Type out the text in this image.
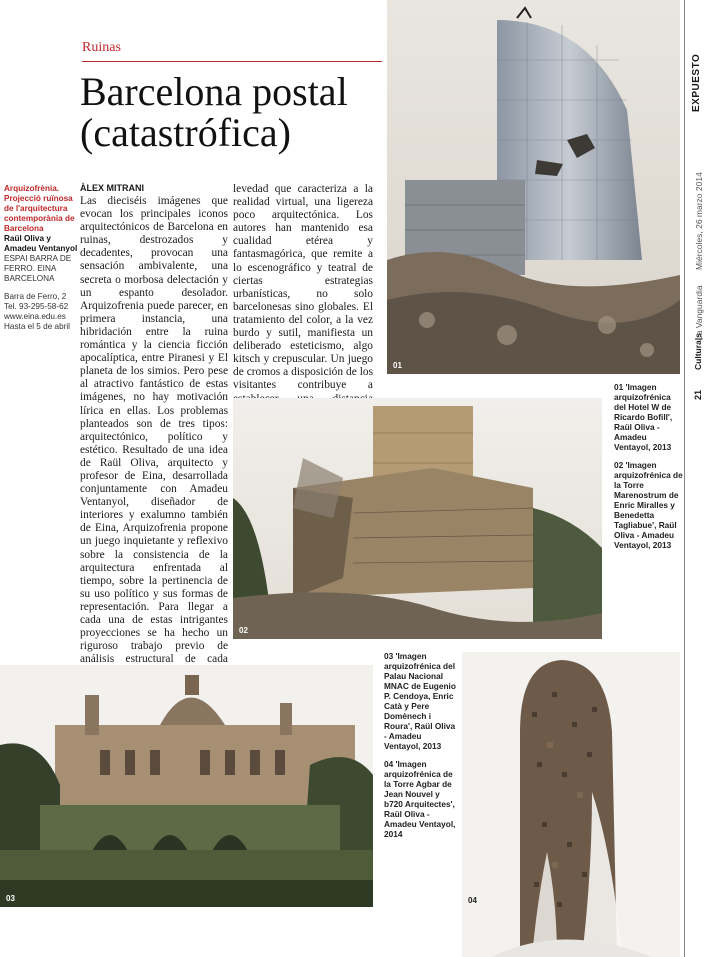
Ruinas
Barcelona postal (catastrófica)
Arquizofrènia. Projecció ruïnosa de l'arquitectura contemporània de Barcelona
Raül Oliva y Amadeu Ventanyol
ESPAI BARRA DE FERRO. EINA BARCELONA
Barra de Ferro, 2
Tel. 93-295-58-62
www.eina.edu.es
Hasta el 5 de abril
ÀLEX MITRANI
Las dieciséis imágenes que evocan los principales iconos arquitectónicos de Barcelona en ruinas, destrozados y decadentes, provocan una sensación ambivalente, una secreta o morbosa delectación y un espanto desolador. Arquizofrenia puede parecer, en primera instancia, una hibridación entre la ruina romántica y la ciencia ficción apocalíptica, entre Piranesi y El planeta de los simios. Pero pese al atractivo fantástico de estas imágenes, no hay motivación lírica en ellas. Los problemas planteados son de tres tipos: arquitectónico, político y estético. Resultado de una idea de Raül Oliva, arquitecto y profesor de Eina, desarrollada conjuntamente con Amadeu Ventanyol, diseñador de interiores y exalumno también de Eina, Arquizofrenia propone un juego inquietante y reflexivo sobre la consistencia de la arquitectura enfrentada al tiempo, sobre la pertinencia de su uso político y sus formas de representación. Para llegar a cada una de estas intrigantes proyecciones se ha hecho un riguroso trabajo previo de análisis estructural de cada
levedad que caracteriza a la realidad virtual, una ligereza poco arquitectónica. Los autores han mantenido esa cualidad etérea y fantasmagórica, que remite a lo escenográfico y teatral de ciertas estrategias urbanísticas, no solo barcelonesas sino globales. El tratamiento del color, a la vez burdo y sutil, manifiesta un deliberado esteticismo, algo kitsch y crepuscular. Un juego de cromos a disposición de los visitantes contribuye a
01
02
03	04
01 'Imagen arquizofrénica del Hotel W de Ricardo Bofill', Raül Oliva - Amadeu Ventayol, 2013
02 'Imagen arquizofrénica de la Torre Marenostrum de Enric Miralles y Benedetta Tagliabue', Raül Oliva - Amadeu Ventayol, 2013
03 'Imagen arquizofrénica del Palau Nacional MNAC de Eugenio P. Cendoya, Enric Catà y Pere Domènech i Roura', Raül Oliva - Amadeu Ventayol, 2013
04 'Imagen arquizofrénica de la Torre Agbar de Jean Nouvel y b720 Arquitectes', Raül Oliva - Amadeu Ventayol, 2014
EXPUESTO
Miércoles, 26 marzo 2014
La Vanguardia
Cultura|s
21
